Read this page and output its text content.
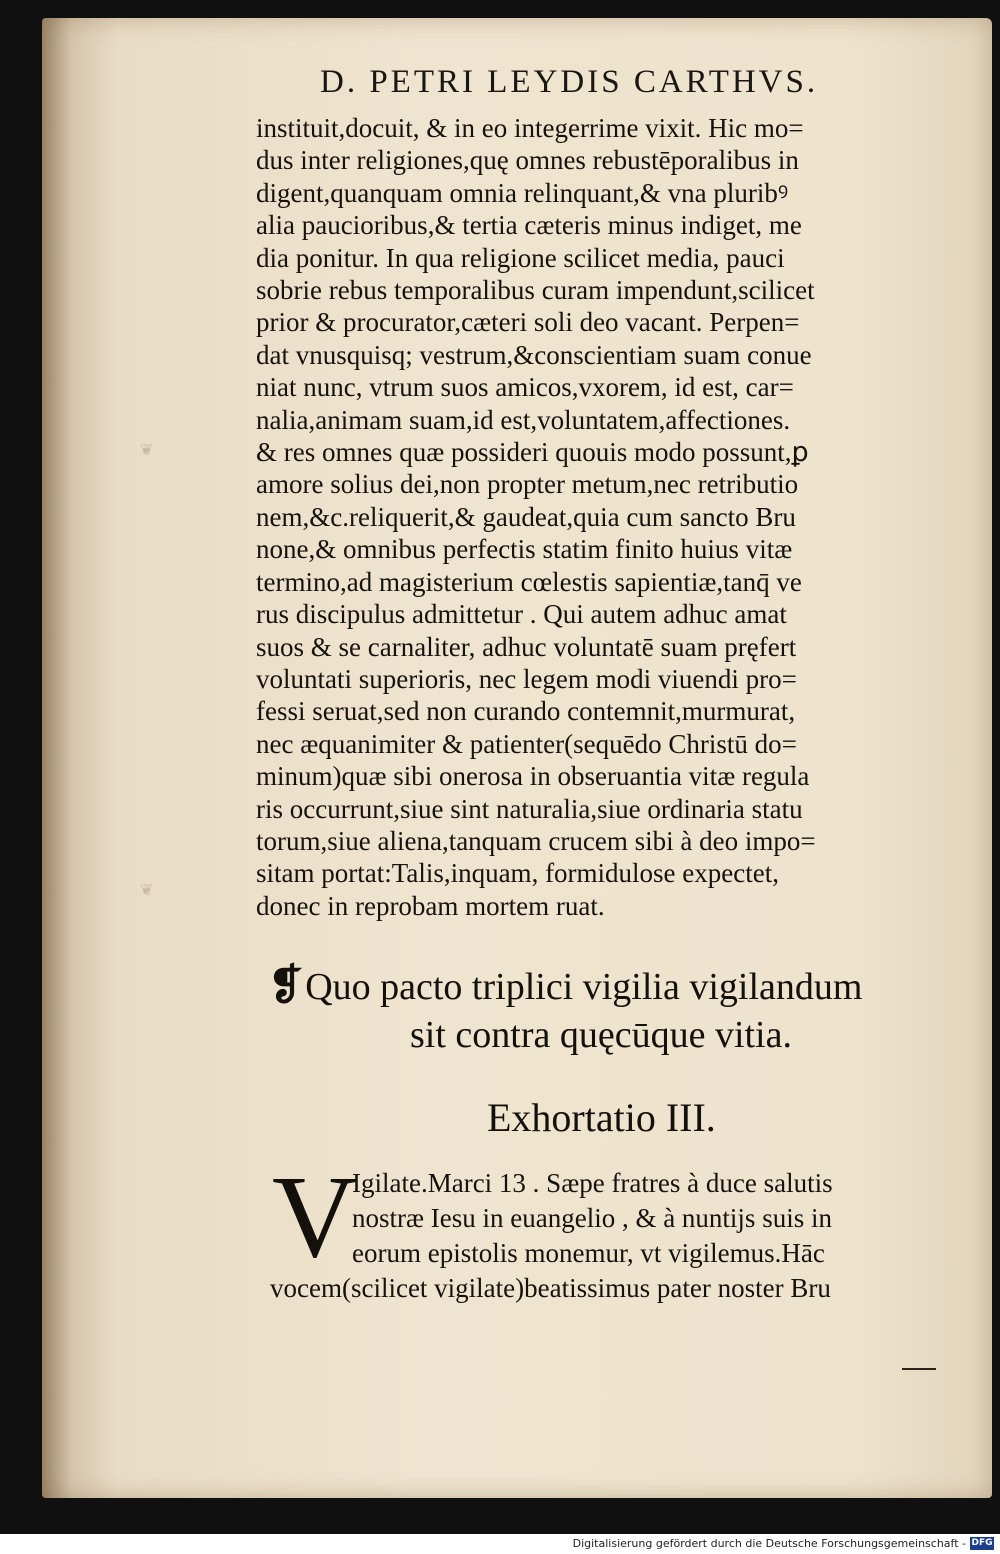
❦
❦
D. PETRI LEYDIS CARTHVS.

instituit,docuit, & in eo integerrime vixit. Hic mo=
dus inter religiones,quę omnes rebustēporalibus in
digent,quanquam omnia relinquant,& vna pluribꝰ
alia paucioribus,& tertia cæteris minus indiget, me
dia ponitur. In qua religione scilicet media, pauci
sobrie rebus temporalibus curam impendunt,scilicet
prior & procurator,cæteri soli deo vacant. Perpen=
dat vnusquisq; vestrum,&conscientiam suam conue
niat nunc, vtrum suos amicos,vxorem, id est, car=
nalia,animam suam,id est,voluntatem,affectiones.
& res omnes quæ possideri quouis modo possunt,ꝑ
amore solius dei,non propter metum,nec retributio
nem,&c.reliquerit,& gaudeat,quia cum sancto Bru
none,& omnibus perfectis statim finito huius vitæ
termino,ad magisterium cœlestis sapientiæ,tanq̄ ve
rus discipulus admittetur . Qui autem adhuc amat
suos & se carnaliter, adhuc voluntatē suam pręfert
voluntati superioris, nec legem modi viuendi pro=
fessi seruat,sed non curando contemnit,murmurat,
nec æquanimiter & patienter(sequēdo Christū do=
minum)quæ sibi onerosa in obseruantia vitæ regula
ris occurrunt,siue sint naturalia,siue ordinaria statu
torum,siue aliena,tanquam crucem sibi à deo impo=
sitam portat:Talis,inquam, formidulose expectet,
donec in reprobam mortem ruat.

❡Quo pacto triplici vigilia vigilandum
sit contra quęcūque vitia.
Exhortatio III.
V

Igilate.Marci 13 . Sæpe fratres à duce salutis
nostræ Iesu in euangelio , & à nuntijs suis in
eorum epistolis monemur, vt vigilemus.Hāc
vocem(scilicet vigilate)beatissimus pater noster Bru

Digitalisierung gefördert durch die Deutsche Forschungsgemeinschaft - DFG
